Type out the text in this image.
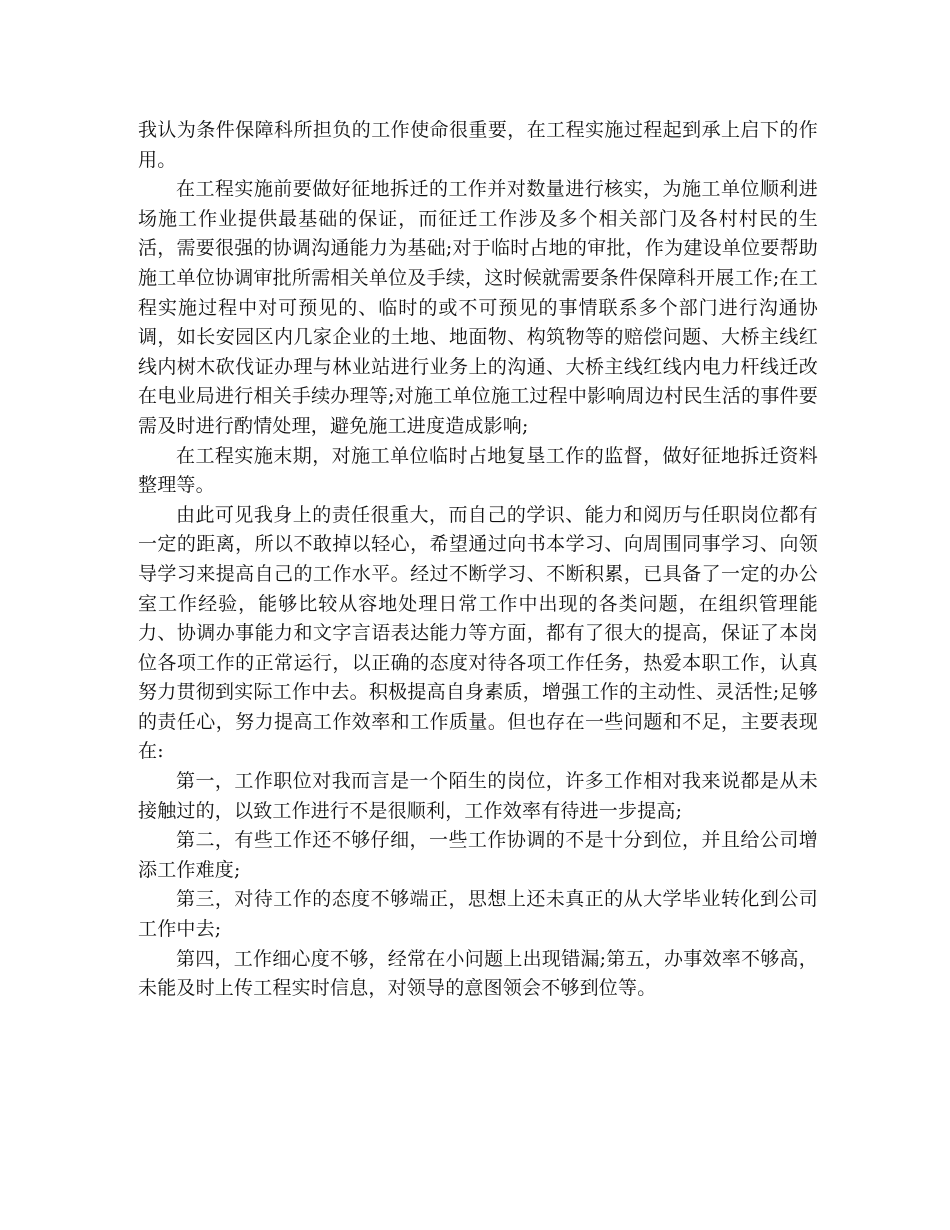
我认为条件保障科所担负的工作使命很重要，在工程实施过程起到承上启下的作用。

在工程实施前要做好征地拆迁的工作并对数量进行核实，为施工单位顺利进场施工作业提供最基础的保证，而征迁工作涉及多个相关部门及各村村民的生活，需要很强的协调沟通能力为基础;对于临时占地的审批，作为建设单位要帮助施工单位协调审批所需相关单位及手续，这时候就需要条件保障科开展工作;在工程实施过程中对可预见的、临时的或不可预见的事情联系多个部门进行沟通协调，如长安园区内几家企业的土地、地面物、构筑物等的赔偿问题、大桥主线红线内树木砍伐证办理与林业站进行业务上的沟通、大桥主线红线内电力杆线迁改在电业局进行相关手续办理等;对施工单位施工过程中影响周边村民生活的事件要需及时进行酌情处理，避免施工进度造成影响;

在工程实施末期，对施工单位临时占地复垦工作的监督，做好征地拆迁资料整理等。

由此可见我身上的责任很重大，而自己的学识、能力和阅历与任职岗位都有一定的距离，所以不敢掉以轻心，希望通过向书本学习、向周围同事学习、向领导学习来提高自己的工作水平。经过不断学习、不断积累，已具备了一定的办公室工作经验，能够比较从容地处理日常工作中出现的各类问题，在组织管理能力、协调办事能力和文字言语表达能力等方面，都有了很大的提高，保证了本岗位各项工作的正常运行，以正确的态度对待各项工作任务，热爱本职工作，认真努力贯彻到实际工作中去。积极提高自身素质，增强工作的主动性、灵活性;足够的责任心，努力提高工作效率和工作质量。但也存在一些问题和不足，主要表现在:

第一，工作职位对我而言是一个陌生的岗位，许多工作相对我来说都是从未接触过的，以致工作进行不是很顺利，工作效率有待进一步提高;

第二，有些工作还不够仔细，一些工作协调的不是十分到位，并且给公司增添工作难度;

第三，对待工作的态度不够端正，思想上还未真正的从大学毕业转化到公司工作中去;

第四，工作细心度不够，经常在小问题上出现错漏;第五，办事效率不够高，未能及时上传工程实时信息，对领导的意图领会不够到位等。
